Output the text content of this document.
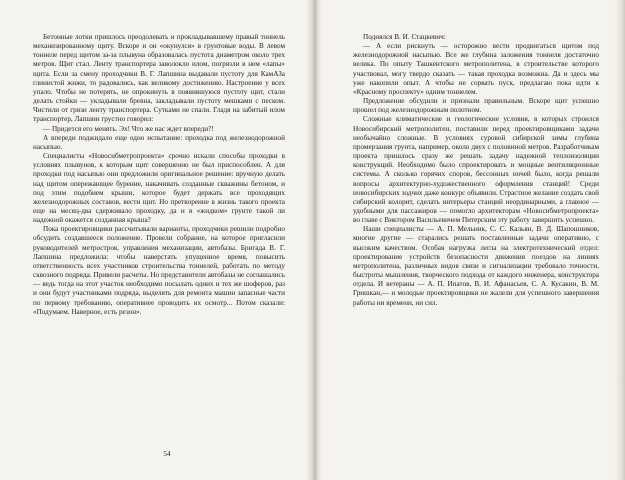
Бетонные лотки пришлось преодолевать и прокладывавшему правый тоннель механизированному щиту. Вскоре и он «окунулся» в грунтовые воды. В левом тоннеле перед щитом за-за плывуна образовалась пустота диаметром около трех метров. Щит стал. Ленту транспортера заволокло илом, погрязли в нем «лапы» щита. Если за смену проходчики В. Г. Лапшина выдавали пустоту для КамАЗа глинистой жижи, то радовались, как великому достижению. Настроение у всех упало. Чтобы не потерять, не опрокинуть в появившуюся пустоту щит, стали делать стойки — укладывали бревна, закладывали пустоту мешками с песком. Чистили от грязи ленту транспортера. Сутками не спали. Гладя на забитый илом транспортер, Лапшин грустно говорил:

— Придется его менять. Эх! Что же нас ждет впереди?!

А впереди поджидало еще одно испытание: проходка под железнодорожной насыпью.

Специалисты «Новосибметропроекта» срочно искали способы проходки в условиях плывунов, к которым щит совершенно не был приспособлен. А для проходки под насыпью они предложили оригинальное решение: вручную делать над щитом опережающее бурение, накачивать созданные скважины бетоном, и под этим подобием крыши, которое будет держать все проходящих железнодорожных составов, вести щит. Но претворение в жизнь такого проекта еще на месяц-два сдерживало проходку, да и в «жидком» грунте такой ли надежной окажется созданная крыша?

Пока проектировщики рассчитывали варианты, проходчики решили подробно обсудить создавшееся положение. Провели собрание, на которое пригласили руководителей метростроя, управления механизации, автобазы. Бригада В. Г. Лапшина предложила: чтобы наверстать упущенное время, повысить ответственность всех участников строительства тоннелей, работать по методу сквозного подряда. Привели расчеты. Но представители автобазы не соглашались — ведь тогда на этот участок необходимо посылать одних и тех же шоферов, раз и они будут участниками подряда, выделять для ремонта машин запасные части по первому требованию, оперативнее проводить их осмотр... Потом сказали: «Подумаем. Наверное, есть резон».

54

Поднялся В. И. Стацкевич:

— А если рискнуть — осторожно вести продвигаться щитом под железнодорожной насыпью. Все же глубина заложения тоннеля достаточно велика. По опыту Ташкентского метрополитена, в строительстве которого участвовал, могу твердо сказать — такая проходка возможна. Да и здесь мы уже накопили опыт. А чтобы не сорвать пуск, предлагаю пока идти к «Красному проспекту» одним тоннелем.

Предложение обсудили и признали правильным. Вскоре щит успешно прошел под железнодорожным полотном.

Сложные климатические и геологические условия, в которых строился Новосибирский метрополитен, поставили перед проектировщиками задачи необычайно сложные. В условиях суровой сибирской зимы глубина промерзания грунта, например, около двух с половиной метров. Разработчикам проекта пришлось сразу же решать задачу надежной теплоизоляции конструкций. Необходимо было спроектировать и мощные вентиляционные системы. А сколько горячих споров, бессонных ночей было, когда решали вопросы архитектурно-художественного оформления станций! Среди новосибирских зодчих даже конкурс объявили. Страстное желание создать свой сибирский колорит, сделать интерьеры станций неординарными, а главное — удобными для пассажиров — помогло архитекторам «Новосибметропроекта» во главе с Виктором Васильевичем Питерским эту работу завершить успешно.

Наши специалисты — А. П. Мельник, С. С. Кальян, В. Д. Шапошников, многие другие — старались решать поставленные задачи оперативно, с высоким качеством. Особая нагрузка легла на электротехнический отдел: проектирование устройств безопасности движения поездов на линиях метрополитена, различных видов связи и сигнализации требовало точности, быстроты мышления, творческого подхода от каждого инженера, конструктора отдела. И ветераны — А. П. Ипатов, В. И. Афанасьев, С. А. Кусакин, В. М. Гришкан,— и молодые проектировщики не жалели для успешного завершения работы ни времени, ни сил.
